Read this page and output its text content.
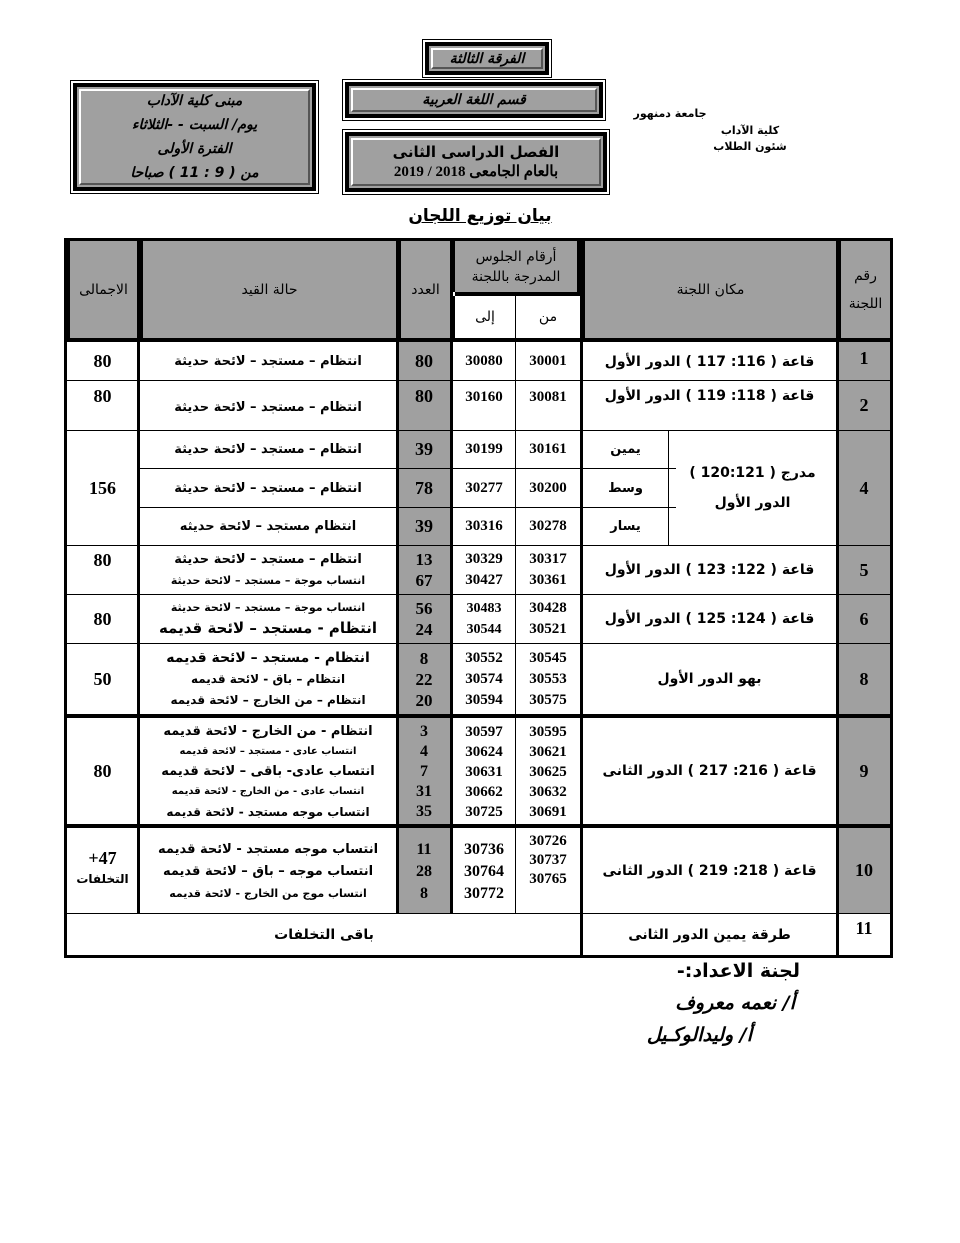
جامعة دمنهور
كلية الآداب
شئون الطلاب
الفرقة الثالثة
قسم اللغة العربية
الفصل الدراسى الثانى
بالعام الجامعى 2018 / 2019
مبنى كلية الآداب
يوم/ السبت - -الثلاثاء
الفترة الأولى
من ( 9 : 11 ) صباحا
بيان توزيع اللجان
رقم
اللجنة
مكان اللجنة
أرقام الجلوس
المدرجة باللجنة
من
إلى
العدد
حالة القيد
الاجمالى
1
قاعة ( 116: 117 ) الدور الأول
30001
30080
80
انتظام – مستجد – لائحة حديثة
80
2
قاعة ( 118: 119 ) الدور الأول
30081
30160
80
انتظام – مستجد – لائحة حديثة
80
4
مدرج ( 120:121 )
الدور الأول
يمين
وسط
يسار
30161
30200
30278
30199
30277
30316
39
78
39
انتظام – مستجد – لائحة حديثة
انتظام – مستجد – لائحة حديثة
انتظام مستجد – لائحة حديثه
156
5
قاعة ( 122: 123 ) الدور الأول
30317
30361
30329
30427
13
67
انتظام – مستجد – لائحة حديثة
انتساب موجة – مستجد – لائحة حديثة
80
6
قاعة ( 124: 125 ) الدور الأول
30428
30521
30483
30544
56
24
انتساب موجة – مستجد – لائحة حديثة
انتظام - مستجد – لائحة قديمه
80
8
بهو الدور الأول
30545
30553
30575
30552
30574
30594
8
22
20
انتظام - مستجد – لائحة قديمه
انتظام – باق - لائحة قديمه
انتظام – من الخارج – لائحة قديمه
50
9
قاعة ( 216: 217 ) الدور الثانى
30595
30621
30625
30632
30691
30597
30624
30631
30662
30725
3
4
7
31
35
انتظام - من الخارج - لائحة قديمه
انتساب عادى - مستجد – لائحة قديمه
انتساب عادى- باقى – لائحة قديمه
انتساب عادى - من الخارج - لائحة قديمه
انتساب موجه مستجد - لائحة قديمه
80
10
قاعة ( 218: 219 ) الدور الثانى
30726
30737
30765
30736
30764
30772
11
28
8
انتساب موجه مستجد - لائحة قديمه
انتساب موجه – باق – لائحة قديمه
انتساب موج من الخارج - لائحة قديمه
+47
التخلفات
11
طرقة يمين الدور الثانى
باقى التخلفات
لجنة الاعداد:-
أ/ نعمه معروف
أ/ وليدالوكـيل
